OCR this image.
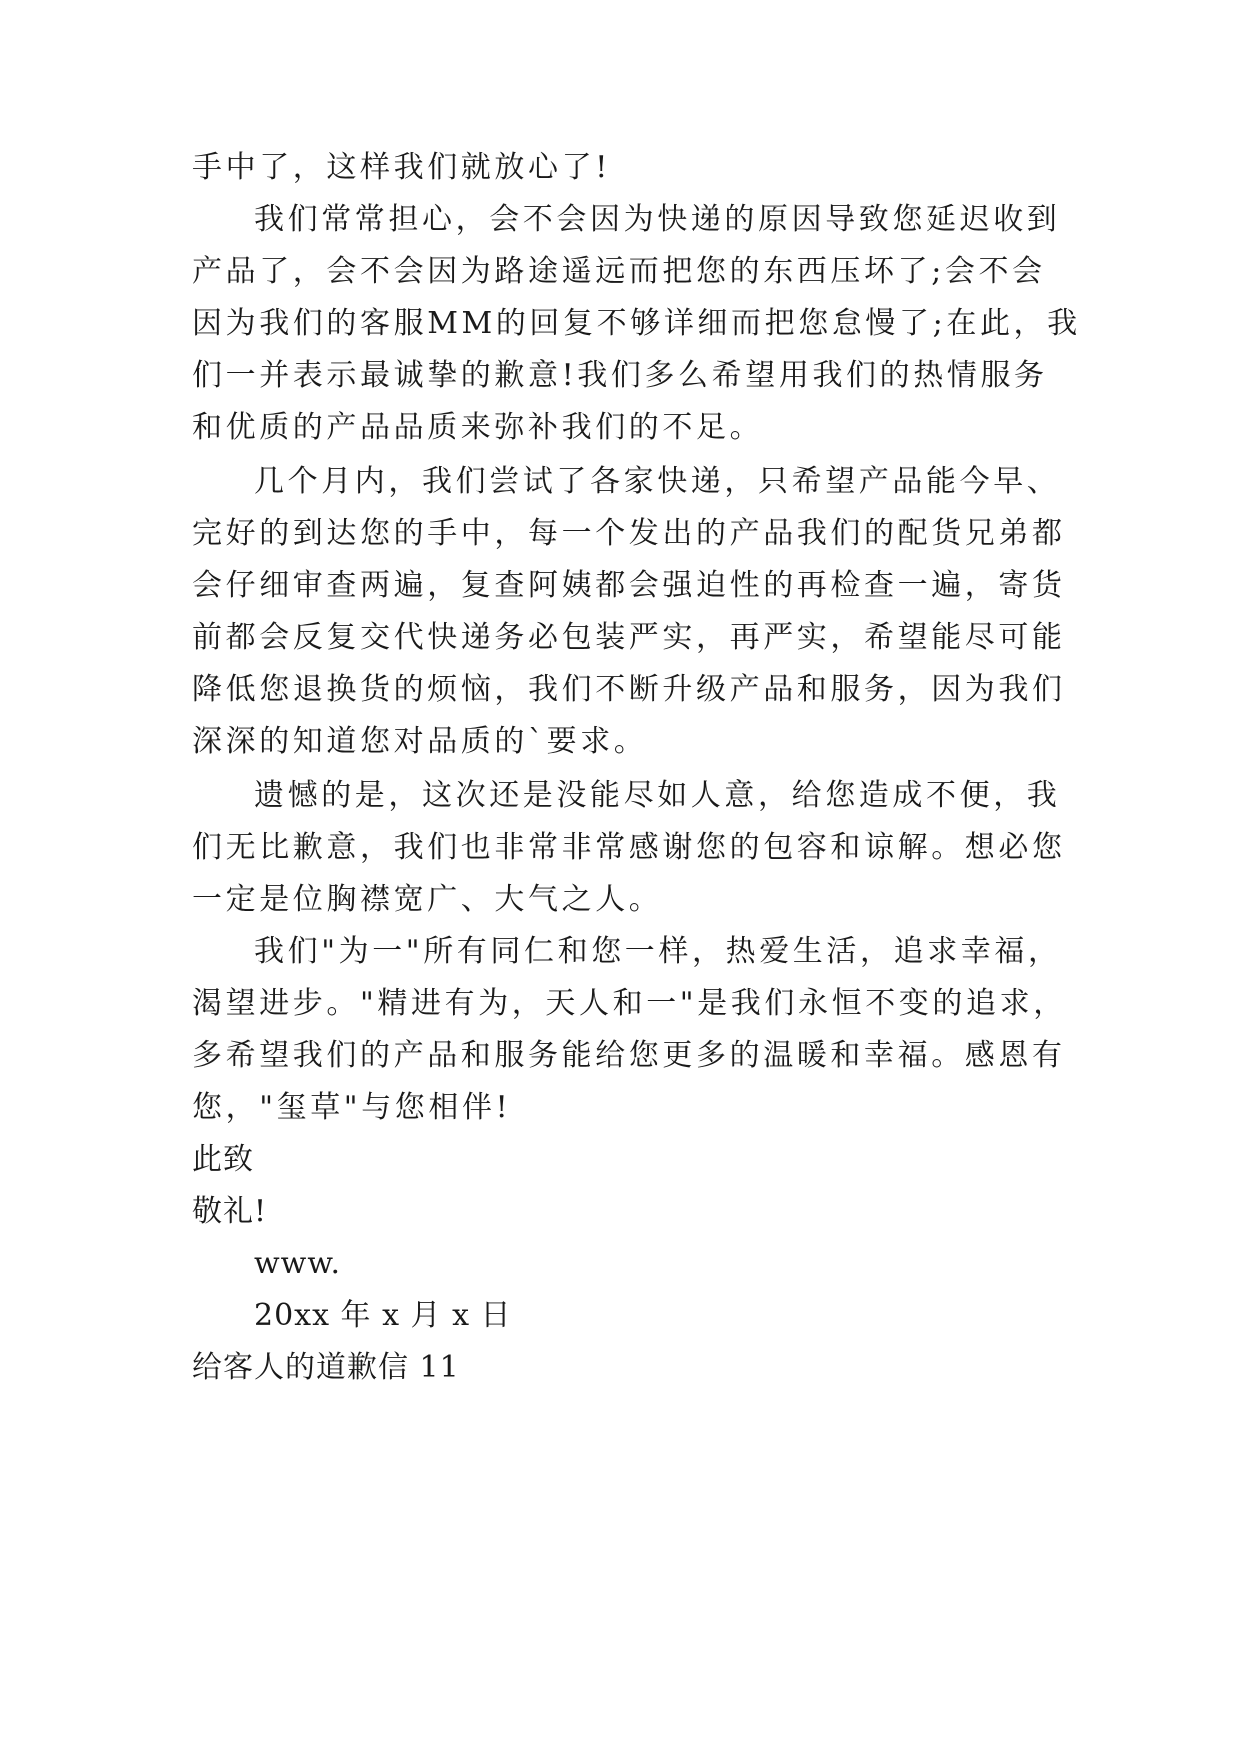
手中了，这样我们就放心了!
我们常常担心，会不会因为快递的原因导致您延迟收到
产品了，会不会因为路途遥远而把您的东西压坏了;会不会
因为我们的客服MM的回复不够详细而把您怠慢了;在此，我
们一并表示最诚挚的歉意!我们多么希望用我们的热情服务
和优质的产品品质来弥补我们的不足。
几个月内，我们尝试了各家快递，只希望产品能今早、
完好的到达您的手中，每一个发出的产品我们的配货兄弟都
会仔细审查两遍，复查阿姨都会强迫性的再检查一遍，寄货
前都会反复交代快递务必包装严实，再严实，希望能尽可能
降低您退换货的烦恼，我们不断升级产品和服务，因为我们
深深的知道您对品质的`要求。
遗憾的是，这次还是没能尽如人意，给您造成不便，我
们无比歉意，我们也非常非常感谢您的包容和谅解。想必您
一定是位胸襟宽广、大气之人。
我们"为一"所有同仁和您一样，热爱生活，追求幸福，
渴望进步。"精进有为，天人和一"是我们永恒不变的追求，
多希望我们的产品和服务能给您更多的温暖和幸福。感恩有
您，"玺草"与您相伴!
此致
敬礼!
www.
20xx 年 x 月 x 日
给客人的道歉信 11
